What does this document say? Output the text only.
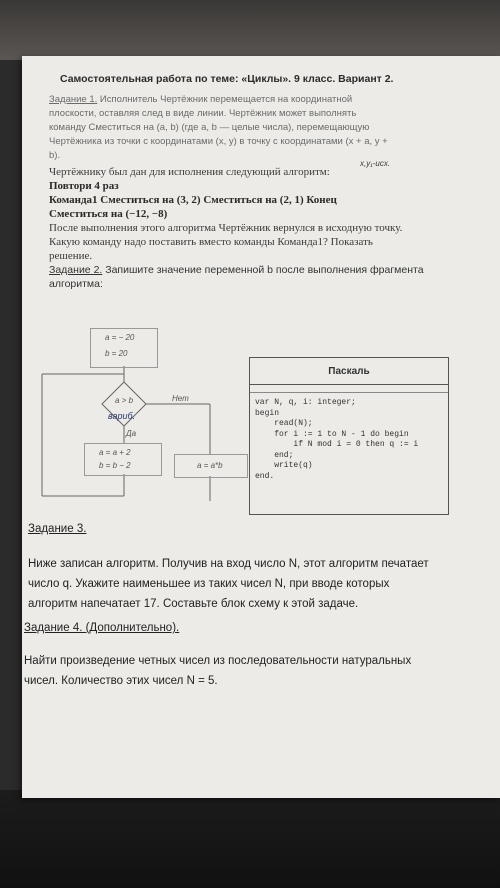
Самостоятельная работа по теме: «Циклы». 9 класс. Вариант 2.
Задание 1. Исполнитель Чертёжник перемещается на координатной
плоскости, оставляя след в виде линии. Чертёжник может выполнять
команду Сместиться на (a, b) (где a, b — целые числа), перемещающую
Чертёжника из точки с координатами (x, y) в точку с координатами (x + a, y +
b).
x,y₁-ucx.
Чертёжнику был дан для исполнения следующий алгоритм:
Повтори 4 раз
Команда1 Сместиться на (3, 2) Сместиться на (2, 1) Конец
Сместиться на (−12, −8)
После выполнения этого алгоритма Чертёжник вернулся в исходную точку.
Какую команду надо поставить вместо команды Команда1? Показать
решение.
Задание 2. Запишите значение переменной b после выполнения фрагмента
алгоритма:
a = − 20
b = 20
a > b
вариб.
Нет
Да
a = a + 2
b = b − 2	a = a*b
Паскаль
var N, q, i: integer;
begin
read(N);
for i := 1 to N - 1 do begin
if N mod i = 0 then q := i
end;
write(q)
end.
Задание 3.
Ниже записан алгоритм. Получив на вход число N, этот алгоритм печатает
число q. Укажите наименьшее из таких чисел N, при вводе которых
алгоритм напечатает 17. Составьте блок схему к этой задаче.
Задание 4. (Дополнительно).
Найти произведение четных чисел из последовательности натуральных
чисел. Количество этих чисел N = 5.
